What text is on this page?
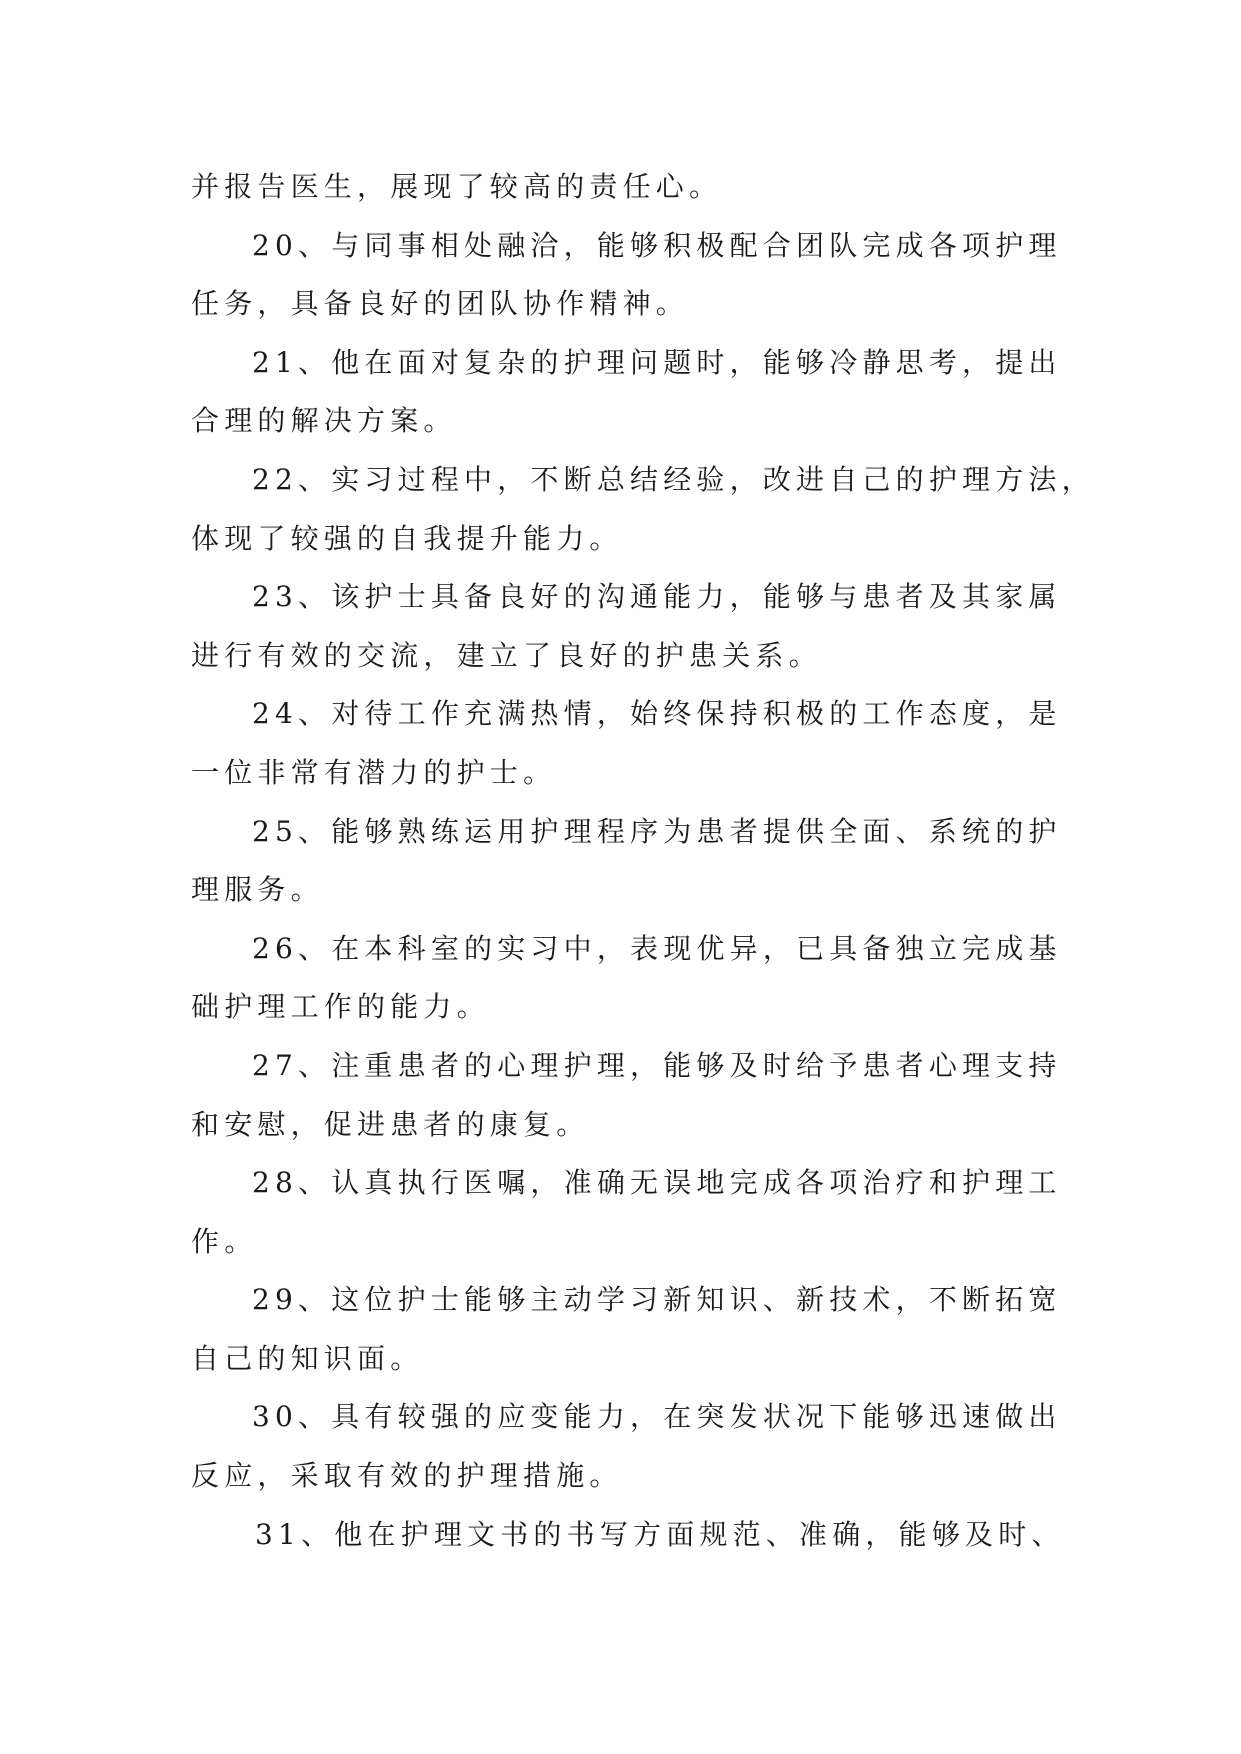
并报告医生，展现了较高的责任心。
20、与同事相处融洽，能够积极配合团队完成各项护理
任务，具备良好的团队协作精神。
21、他在面对复杂的护理问题时，能够冷静思考，提出
合理的解决方案。
22、实习过程中，不断总结经验，改进自己的护理方法，
体现了较强的自我提升能力。
23、该护士具备良好的沟通能力，能够与患者及其家属
进行有效的交流，建立了良好的护患关系。
24、对待工作充满热情，始终保持积极的工作态度，是
一位非常有潜力的护士。
25、能够熟练运用护理程序为患者提供全面、系统的护
理服务。
26、在本科室的实习中，表现优异，已具备独立完成基
础护理工作的能力。
27、注重患者的心理护理，能够及时给予患者心理支持
和安慰，促进患者的康复。
28、认真执行医嘱，准确无误地完成各项治疗和护理工
作。
29、这位护士能够主动学习新知识、新技术，不断拓宽
自己的知识面。
30、具有较强的应变能力，在突发状况下能够迅速做出
反应，采取有效的护理措施。
31、他在护理文书的书写方面规范、准确，能够及时、
